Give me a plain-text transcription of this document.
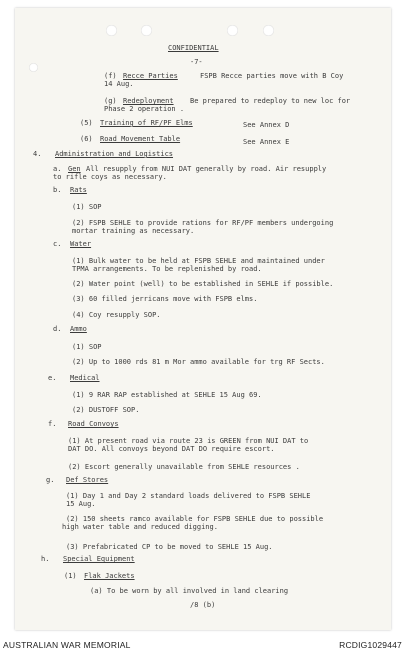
CONFIDENTIAL
-7-
(f) Recce Parties	FSPB Recce parties move with B Coy
14 Aug.
(g) Redeployment Be prepared to redeploy to new loc for
Phase 2 operation .
(5) Training of RF/PF Elms	See Annex D
(6) Road Movement Table	See Annex E
4. Administration and Logistics
a. Gen All resupply from NUI DAT generally by road. Air resupply
to rifle coys as necessary.
b. Rats
(1) SOP
(2) FSPB SEHLE to provide rations for RF/PF members undergoing
mortar training as necessary.
c. Water
(1) Bulk water to be held at FSPB SEHLE and maintained under
TPMA arrangements. To be replenished by road.
(2) Water point (well) to be established in SEHLE if possible.
(3) 60 filled jerricans move with FSPB elms.
(4) Coy resupply SOP.
d. Ammo
(1) SOP
(2) Up to 1000 rds 81 m Mor ammo available for trg RF Sects.
e. Medical
(1) 9 RAR RAP established at SEHLE 15 Aug 69.
(2) DUSTOFF SOP.
f. Road Convoys
(1) At present road via route 23 is GREEN from NUI DAT to
DAT DO. All convoys beyond DAT DO require escort.
(2) Escort generally unavailable from SEHLE resources .
g. Def Stores
(1) Day 1 and Day 2 standard loads delivered to FSPB SEHLE
15 Aug.
(2) 150 sheets ramco available for FSPB SEHLE due to possible
high water table and reduced digging.
(3) Prefabricated CP to be moved to SEHLE 15 Aug.
h. Special Equipment
(1) Flak Jackets
(a) To be worn by all involved in land clearing
/8 (b)
AUSTRALIAN WAR MEMORIAL	RCDIG1029447
